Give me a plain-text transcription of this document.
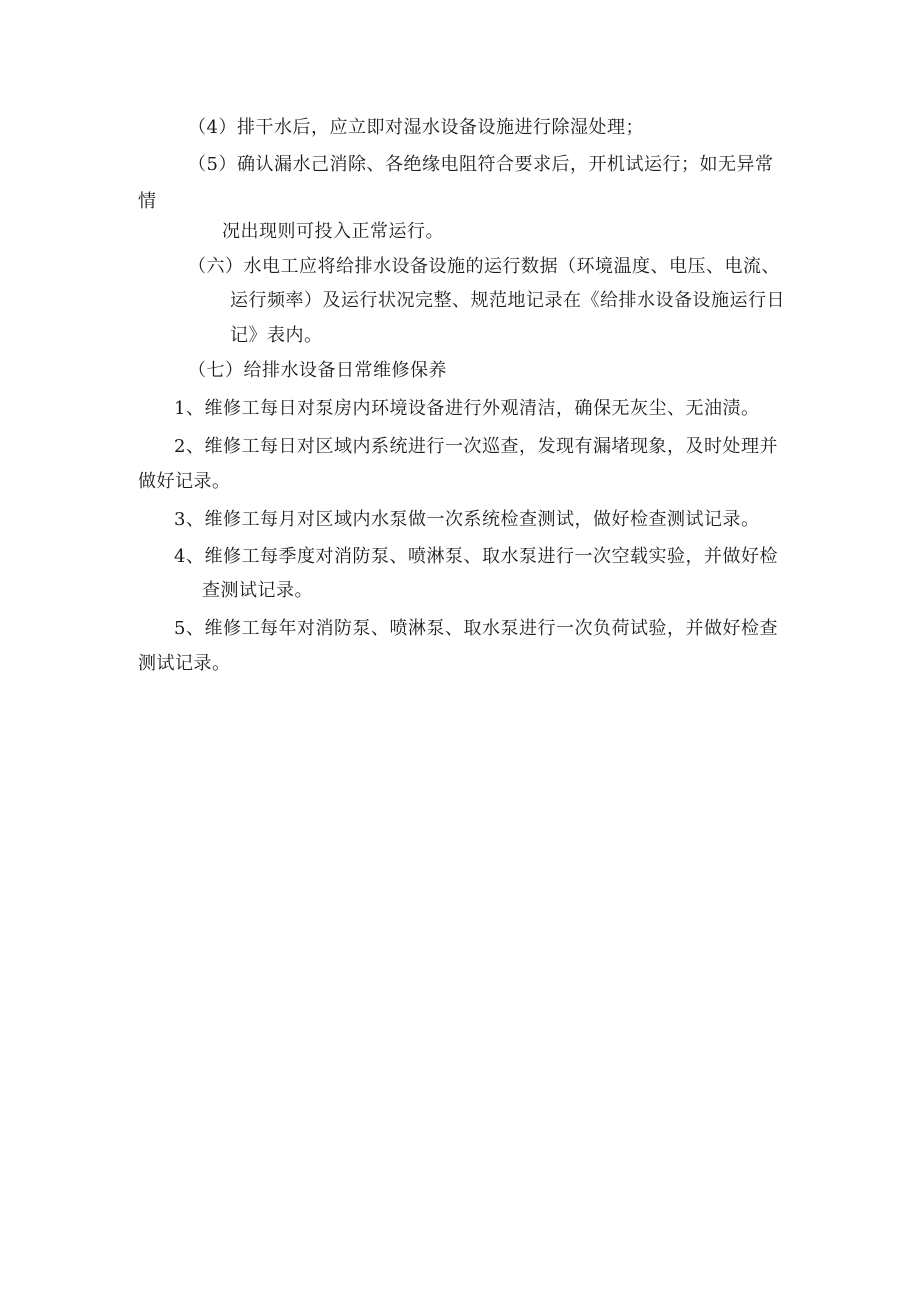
（4）排干水后，应立即对湿水设备设施进行除湿处理；
（5）确认漏水己消除、各绝缘电阻符合要求后，开机试运行；如无异常
情
况出现则可投入正常运行。
（六）水电工应将给排水设备设施的运行数据（环境温度、电压、电流、
运行频率）及运行状况完整、规范地记录在《给排水设备设施运行日
记》表内。
（七）给排水设备日常维修保养
1、维修工每日对泵房内环境设备进行外观清洁，确保无灰尘、无油渍。
2、维修工每日对区域内系统进行一次巡查，发现有漏堵现象，及时处理并
做好记录。
3、维修工每月对区域内水泵做一次系统检查测试，做好检查测试记录。
4、维修工每季度对消防泵、喷淋泵、取水泵进行一次空载实验，并做好检
查测试记录。
5、维修工每年对消防泵、喷淋泵、取水泵进行一次负荷试验，并做好检查
测试记录。
